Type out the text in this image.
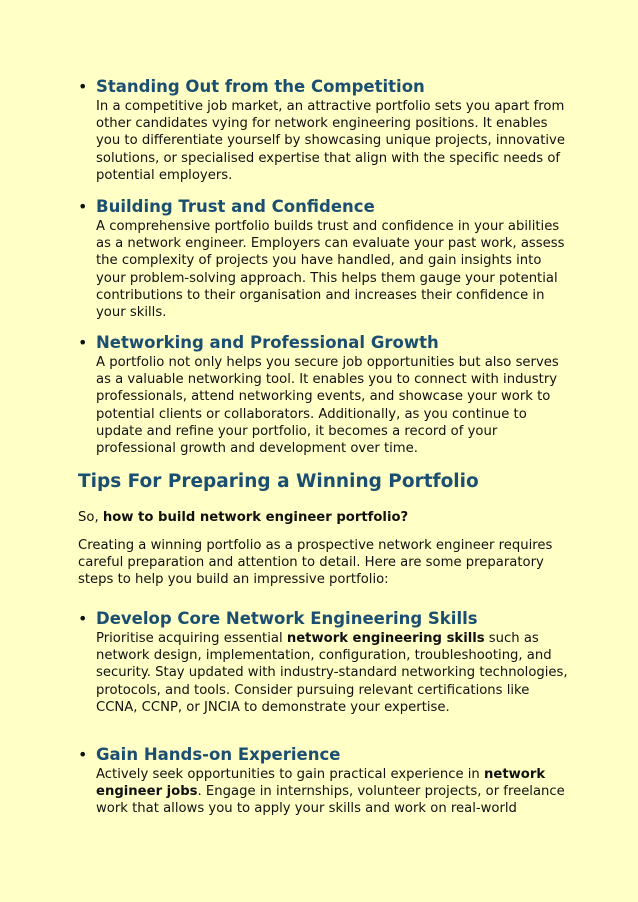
• Standing Out from the Competition
In a competitive job market, an attractive portfolio sets you apart from other candidates vying for network engineering positions. It enables you to differentiate yourself by showcasing unique projects, innovative solutions, or specialised expertise that align with the specific needs of potential employers.
• Building Trust and Confidence
A comprehensive portfolio builds trust and confidence in your abilities as a network engineer. Employers can evaluate your past work, assess the complexity of projects you have handled, and gain insights into your problem-solving approach. This helps them gauge your potential contributions to their organisation and increases their confidence in your skills.
• Networking and Professional Growth
A portfolio not only helps you secure job opportunities but also serves as a valuable networking tool. It enables you to connect with industry professionals, attend networking events, and showcase your work to potential clients or collaborators. Additionally, as you continue to update and refine your portfolio, it becomes a record of your professional growth and development over time.
Tips For Preparing a Winning Portfolio
So, how to build network engineer portfolio?
Creating a winning portfolio as a prospective network engineer requires careful preparation and attention to detail. Here are some preparatory steps to help you build an impressive portfolio:
• Develop Core Network Engineering Skills
Prioritise acquiring essential network engineering skills such as network design, implementation, configuration, troubleshooting, and security. Stay updated with industry-standard networking technologies, protocols, and tools. Consider pursuing relevant certifications like CCNA, CCNP, or JNCIA to demonstrate your expertise.
• Gain Hands-on Experience
Actively seek opportunities to gain practical experience in network engineer jobs. Engage in internships, volunteer projects, or freelance work that allows you to apply your skills and work on real-world
